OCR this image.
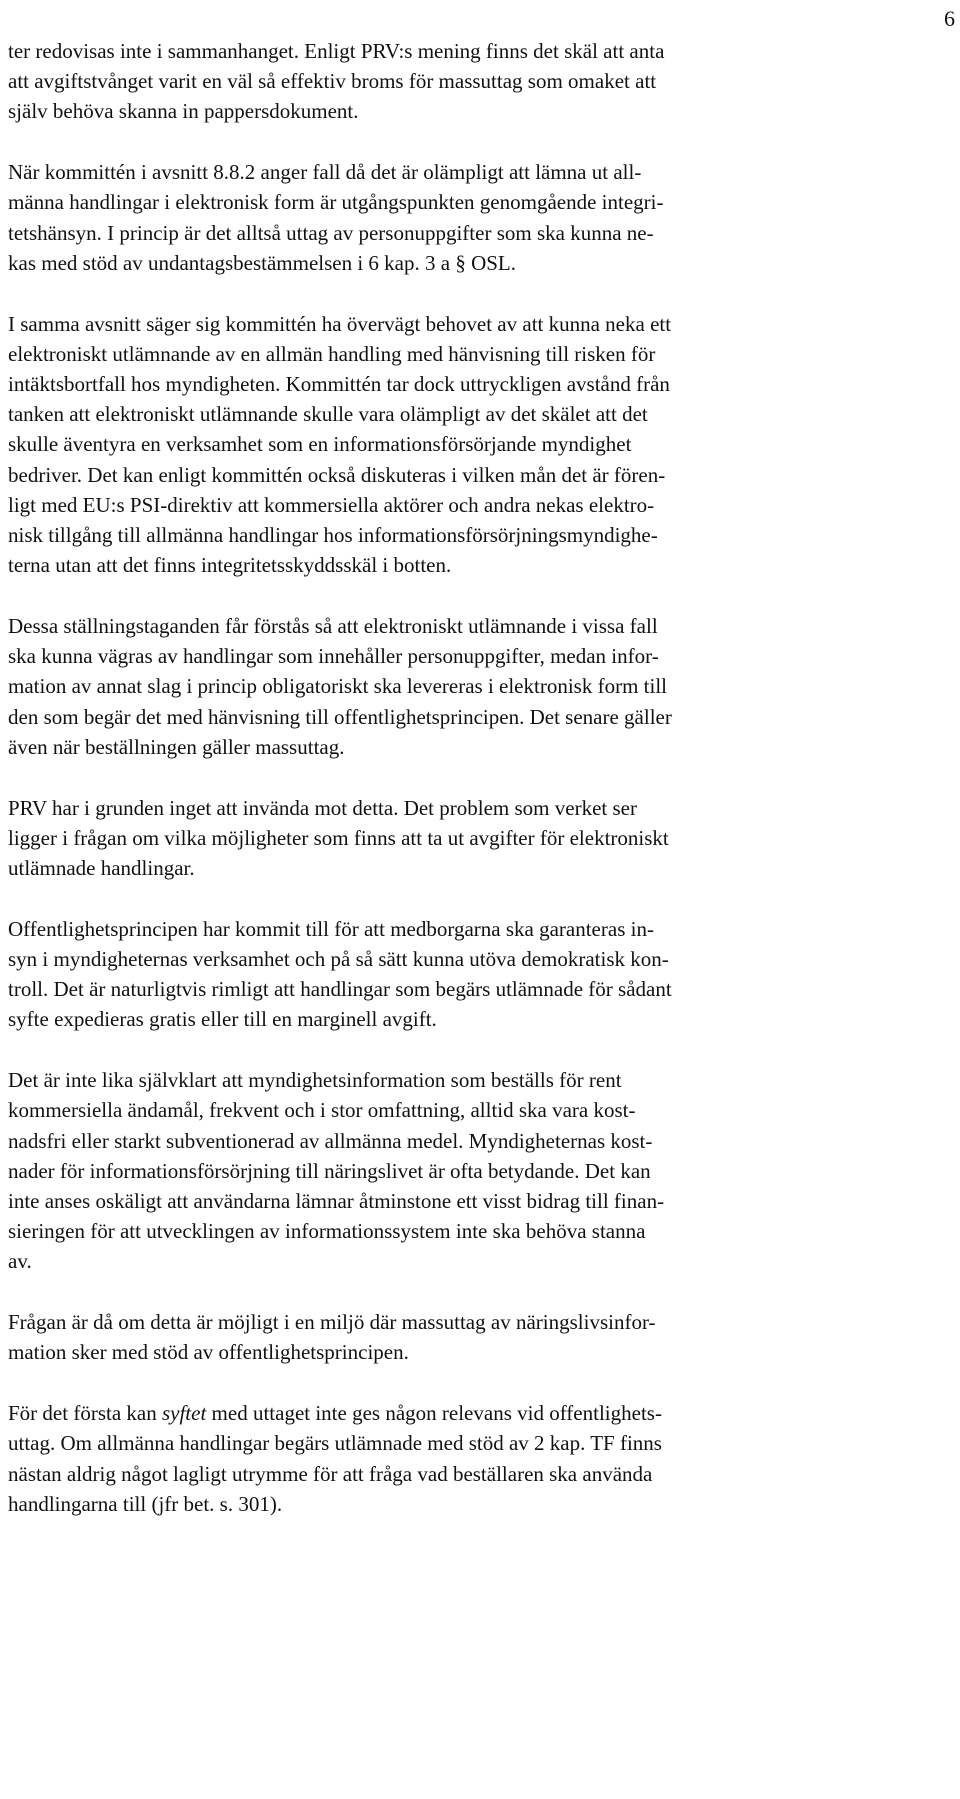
6

ter redovisas inte i sammanhanget. Enligt PRV:s mening finns det skäl att anta
att avgiftstvånget varit en väl så effektiv broms för massuttag som omaket att
själv behöva skanna in pappersdokument.

När kommittén i avsnitt 8.8.2 anger fall då det är olämpligt att lämna ut all-
männa handlingar i elektronisk form är utgångspunkten genomgående integri-
tetshänsyn. I princip är det alltså uttag av personuppgifter som ska kunna ne-
kas med stöd av undantagsbestämmelsen i 6 kap. 3 a § OSL.

I samma avsnitt säger sig kommittén ha övervägt behovet av att kunna neka ett
elektroniskt utlämnande av en allmän handling med hänvisning till risken för
intäktsbortfall hos myndigheten. Kommittén tar dock uttryckligen avstånd från
tanken att elektroniskt utlämnande skulle vara olämpligt av det skälet att det
skulle äventyra en verksamhet som en informationsförsörjande myndighet
bedriver. Det kan enligt kommittén också diskuteras i vilken mån det är fören-
ligt med EU:s PSI-direktiv att kommersiella aktörer och andra nekas elektro-
nisk tillgång till allmänna handlingar hos informationsförsörjningsmyndighe-
terna utan att det finns integritetsskyddsskäl i botten.

Dessa ställningstaganden får förstås så att elektroniskt utlämnande i vissa fall
ska kunna vägras av handlingar som innehåller personuppgifter, medan infor-
mation av annat slag i princip obligatoriskt ska levereras i elektronisk form till
den som begär det med hänvisning till offentlighetsprincipen. Det senare gäller
även när beställningen gäller massuttag.

PRV har i grunden inget att invända mot detta. Det problem som verket ser
ligger i frågan om vilka möjligheter som finns att ta ut avgifter för elektroniskt
utlämnade handlingar.

Offentlighetsprincipen har kommit till för att medborgarna ska garanteras in-
syn i myndigheternas verksamhet och på så sätt kunna utöva demokratisk kon-
troll. Det är naturligtvis rimligt att handlingar som begärs utlämnade för sådant
syfte expedieras gratis eller till en marginell avgift.

Det är inte lika självklart att myndighetsinformation som beställs för rent
kommersiella ändamål, frekvent och i stor omfattning, alltid ska vara kost-
nadsfri eller starkt subventionerad av allmänna medel. Myndigheternas kost-
nader för informationsförsörjning till näringslivet är ofta betydande. Det kan
inte anses oskäligt att användarna lämnar åtminstone ett visst bidrag till finan-
sieringen för att utvecklingen av informationssystem inte ska behöva stanna
av.

Frågan är då om detta är möjligt i en miljö där massuttag av näringslivsinfor-
mation sker med stöd av offentlighetsprincipen.

För det första kan syftet med uttaget inte ges någon relevans vid offentlighets-
uttag. Om allmänna handlingar begärs utlämnade med stöd av 2 kap. TF finns
nästan aldrig något lagligt utrymme för att fråga vad beställaren ska använda
handlingarna till (jfr bet. s. 301).
